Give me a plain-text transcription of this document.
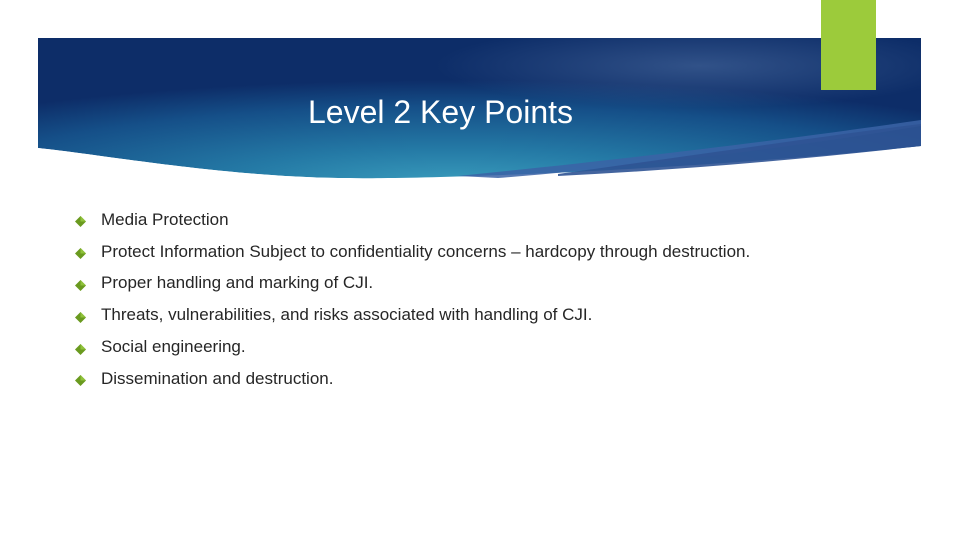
Level 2 Key Points
Media Protection
Protect Information Subject to confidentiality concerns – hardcopy through destruction.
Proper handling and marking of CJI.
Threats, vulnerabilities, and risks associated with handling of CJI.
Social engineering.
Dissemination and destruction.
